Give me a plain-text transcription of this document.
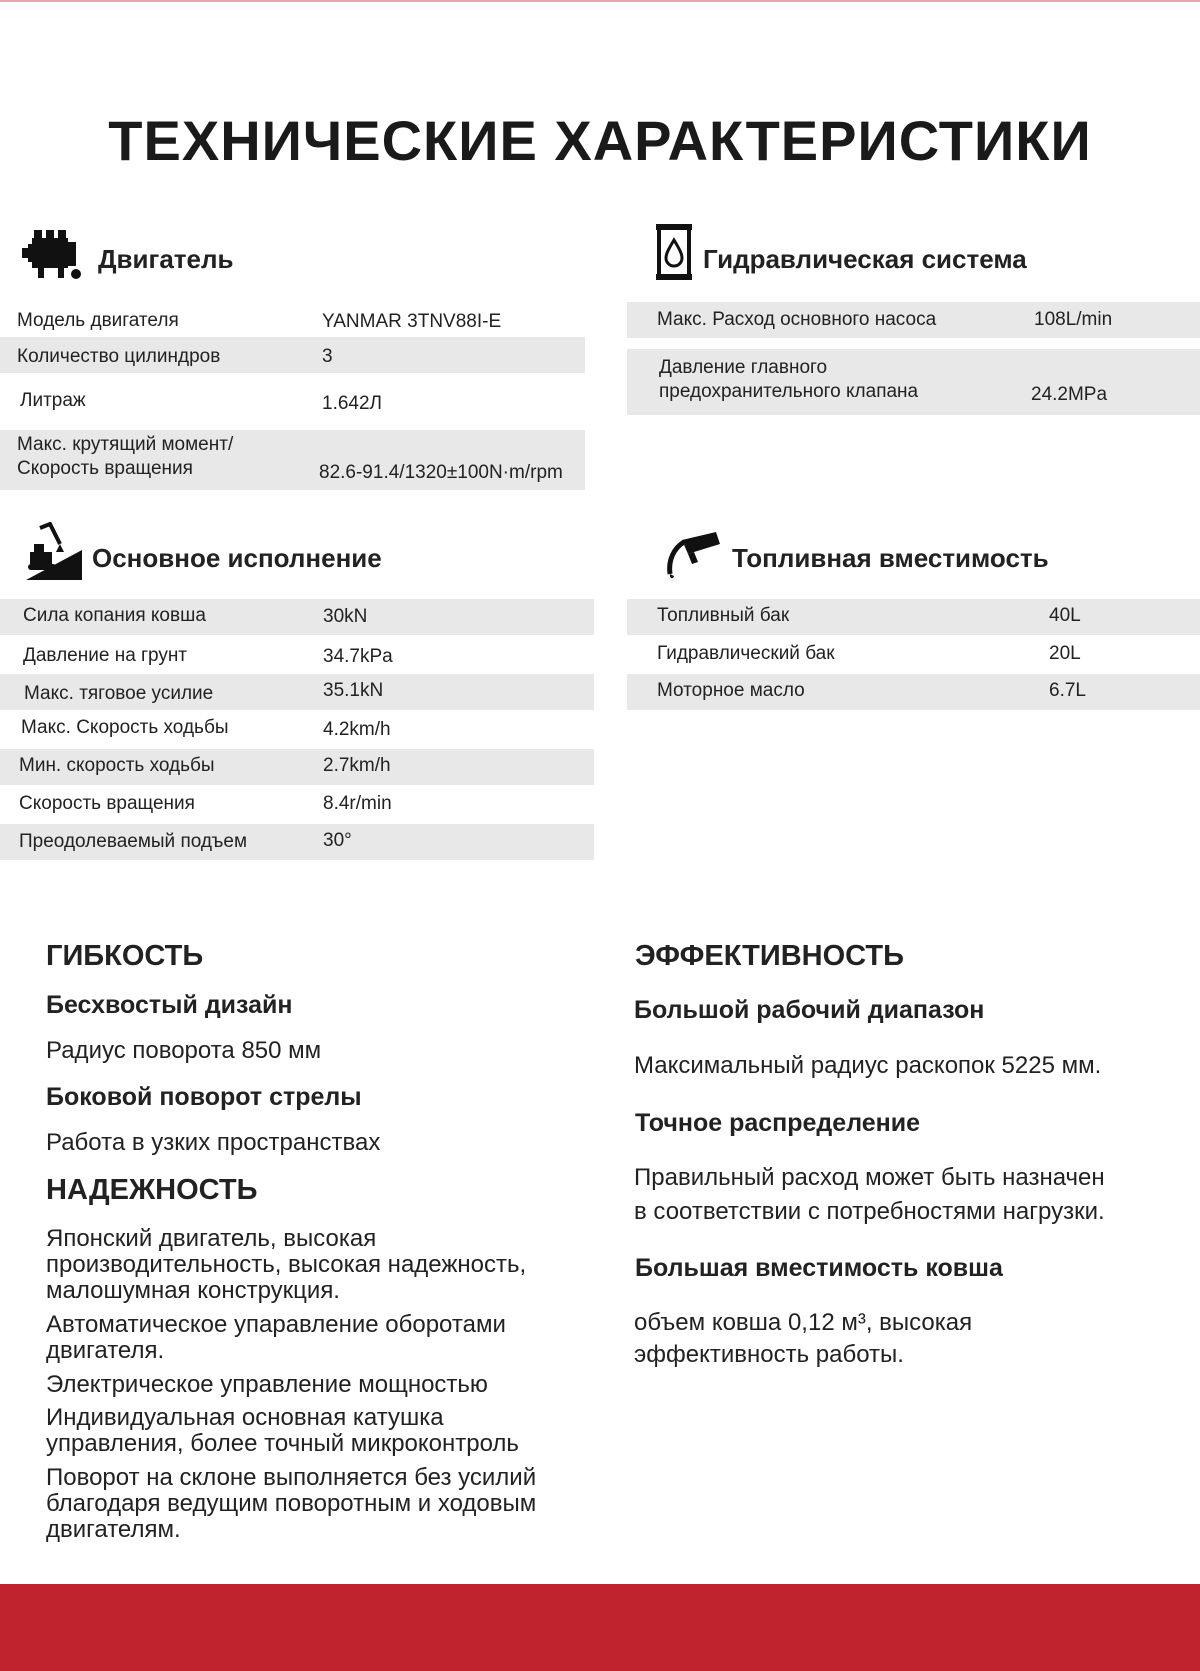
ТЕХНИЧЕСКИЕ ХАРАКТЕРИСТИКИ
Двигатель
Модель двигателя	YANMAR 3TNV88I-E
Количество цилиндров	3
Литраж	1.642Л
Макс. крутящий момент/
Скорость вращения	82.6-91.4/1320±100N·m/rpm
Гидравлическая система
Макс. Расход основного насоса	108L/min
Давление главного
предохранительного клапана	24.2MPa
Основное исполнение
Сила копания ковша	30kN
Давление на грунт	34.7kPa
Макс. тяговое усилие	35.1kN
Макс. Скорость ходьбы	4.2km/h
Мин. скорость ходьбы	2.7km/h
Скорость вращения	8.4r/min
Преодолеваемый подъем	30°
Топливная вместимость
Топливный бак	40L
Гидравлический бак	20L
Моторное масло	6.7L
ГИБКОСТЬ
Бесхвостый дизайн
Радиус поворота 850 мм
Боковой поворот стрелы
Работа в узких пространствах
НАДЕЖНОСТЬ
Японский двигатель, высокая
производительность, высокая надежность,
малошумная конструкция.
Автоматическое упаравление оборотами
двигателя.
Электрическое управление мощностью
Индивидуальная основная катушка
управления, более точный микроконтроль
Поворот на склоне выполняется без усилий
благодаря ведущим поворотным и ходовым
двигателям.
ЭФФЕКТИВНОСТЬ
Большой рабочий диапазон
Максимальный радиус раскопок 5225 мм.
Точное распределение
Правильный расход может быть назначен
в соответствии с потребностями нагрузки.
Большая вместимость ковша
объем ковша 0,12 м³, высокая
эффективность работы.
